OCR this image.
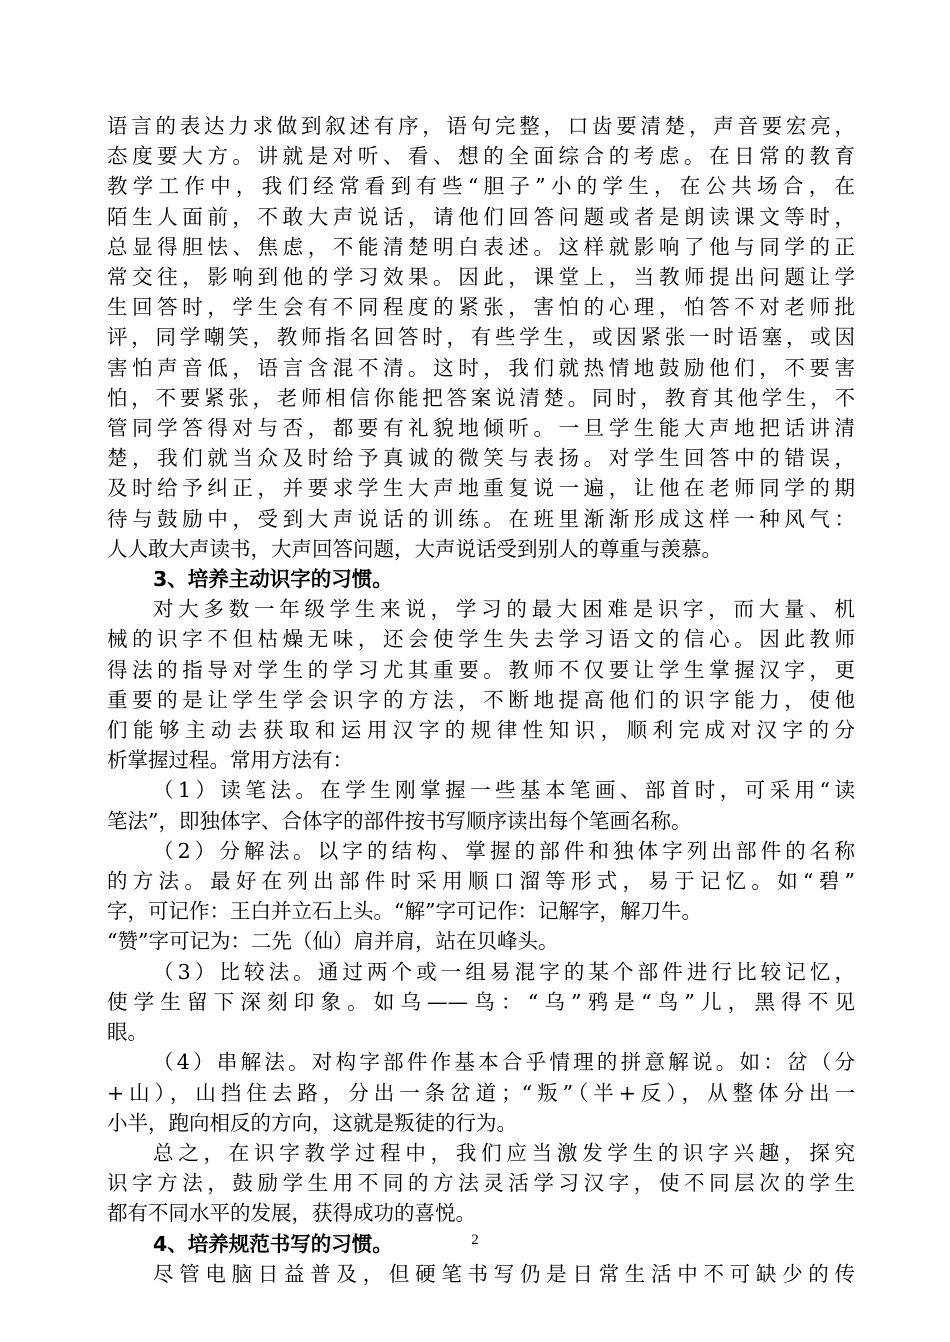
语言的表达力求做到叙述有序，语句完整，口齿要清楚，声音要宏亮，
态度要大方。讲就是对听、看、想的全面综合的考虑。在日常的教育
教学工作中，我们经常看到有些“胆子”小的学生，在公共场合，在
陌生人面前，不敢大声说话，请他们回答问题或者是朗读课文等时，
总显得胆怯、焦虑，不能清楚明白表述。这样就影响了他与同学的正
常交往，影响到他的学习效果。因此，课堂上，当教师提出问题让学
生回答时，学生会有不同程度的紧张，害怕的心理，怕答不对老师批
评，同学嘲笑，教师指名回答时，有些学生，或因紧张一时语塞，或因
害怕声音低，语言含混不清。这时，我们就热情地鼓励他们，不要害
怕，不要紧张，老师相信你能把答案说清楚。同时，教育其他学生，不
管同学答得对与否，都要有礼貌地倾听。一旦学生能大声地把话讲清
楚，我们就当众及时给予真诚的微笑与表扬。对学生回答中的错误，
及时给予纠正，并要求学生大声地重复说一遍，让他在老师同学的期
待与鼓励中，受到大声说话的训练。在班里渐渐形成这样一种风气：
人人敢大声读书，大声回答问题，大声说话受到别人的尊重与羡慕。
3、培养主动识字的习惯。
对大多数一年级学生来说，学习的最大困难是识字，而大量、机
械的识字不但枯燥无味，还会使学生失去学习语文的信心。因此教师
得法的指导对学生的学习尤其重要。教师不仅要让学生掌握汉字，更
重要的是让学生学会识字的方法，不断地提高他们的识字能力，使他
们能够主动去获取和运用汉字的规律性知识，顺利完成对汉字的分
析掌握过程。常用方法有：
（1）读笔法。在学生刚掌握一些基本笔画、部首时，可采用“读
笔法”，即独体字、合体字的部件按书写顺序读出每个笔画名称。
（2）分解法。以字的结构、掌握的部件和独体字列出部件的名称
的方法。最好在列出部件时采用顺口溜等形式，易于记忆。如“碧”
字，可记作：王白并立石上头。“解”字可记作：记解字，解刀牛。
“赞”字可记为：二先（仙）肩并肩，站在贝峰头。
（3）比较法。通过两个或一组易混字的某个部件进行比较记忆，
使学生留下深刻印象。如乌——鸟：“乌”鸦是“鸟”儿，黑得不见
眼。
（4）串解法。对构字部件作基本合乎情理的拼意解说。如：岔（分
+山），山挡住去路，分出一条岔道；“叛”（半+反），从整体分出一
小半，跑向相反的方向，这就是叛徒的行为。
总之，在识字教学过程中，我们应当激发学生的识字兴趣，探究
识字方法，鼓励学生用不同的方法灵活学习汉字，使不同层次的学生
都有不同水平的发展，获得成功的喜悦。
4、培养规范书写的习惯。
尽管电脑日益普及，但硬笔书写仍是日常生活中不可缺少的传
2
